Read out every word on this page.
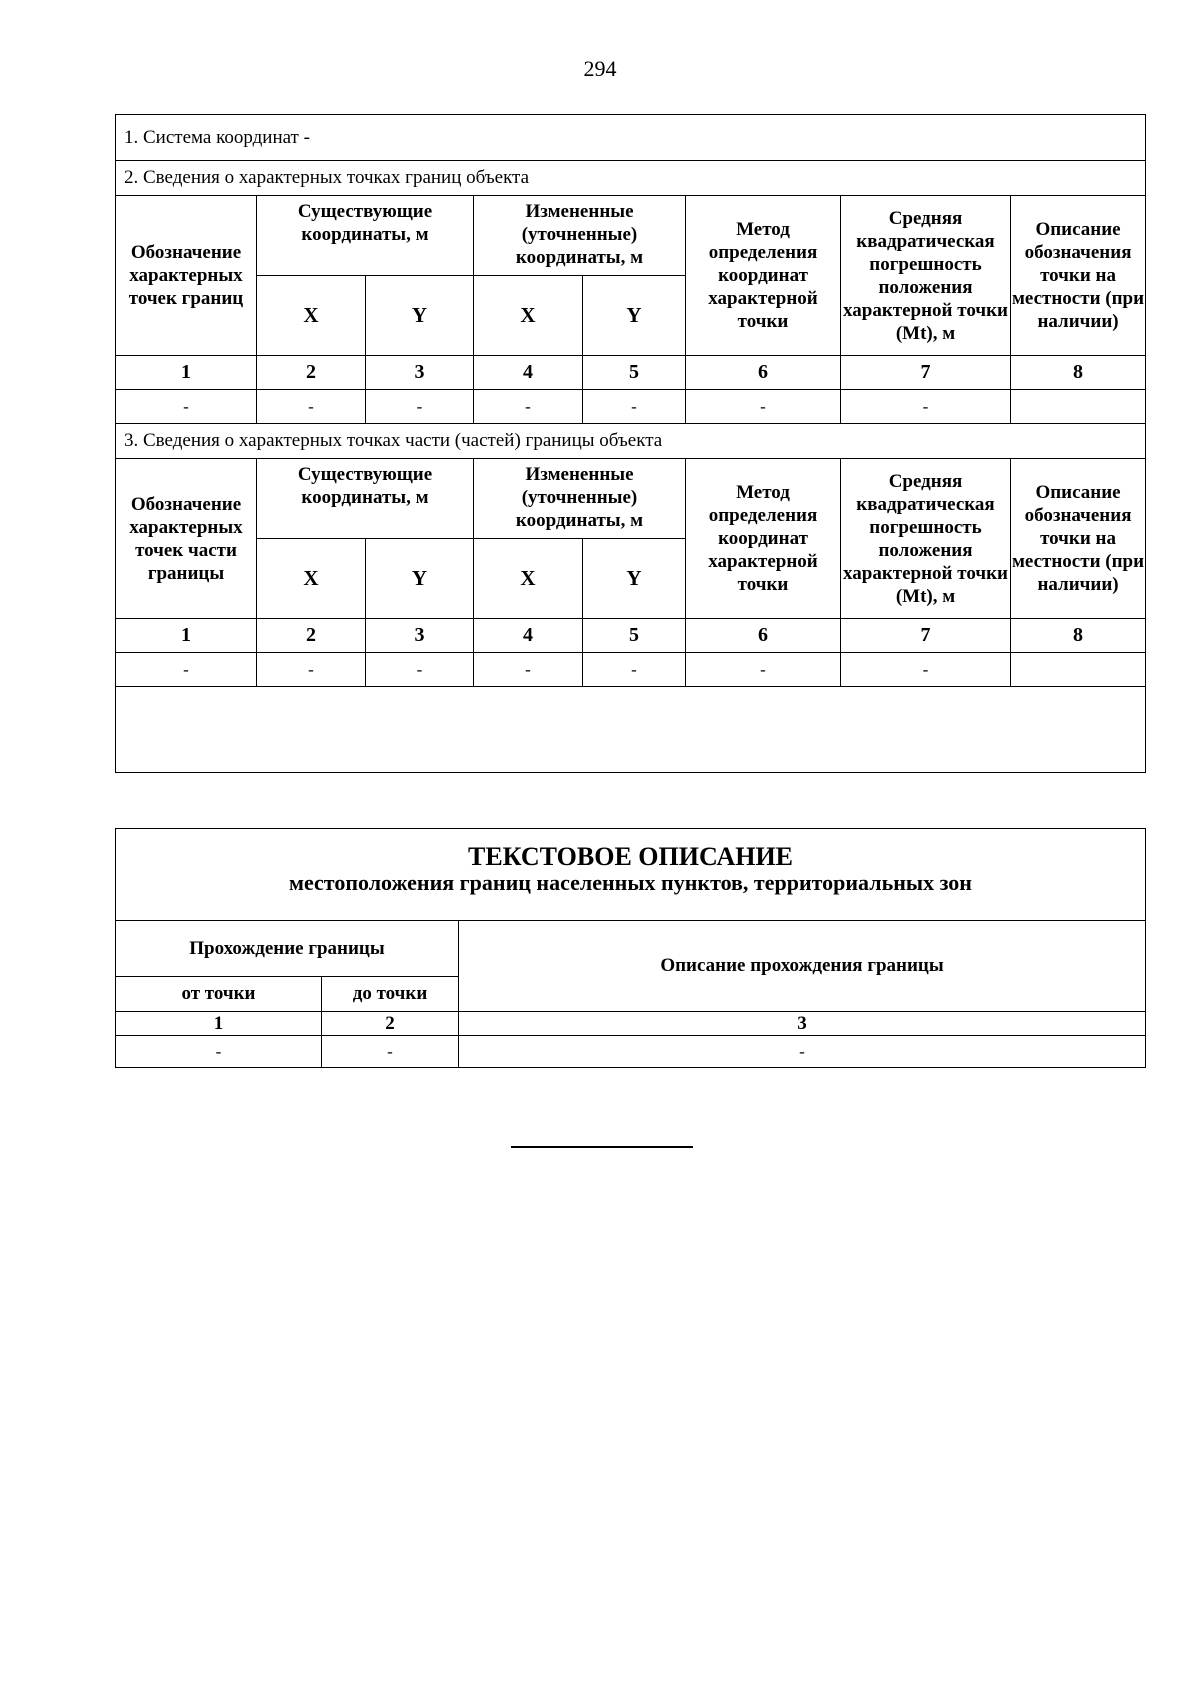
294
1. Система координат -							
2. Сведения о характерных точках границ объекта							
Обозначение характерных точек границ	Существующие координаты, м		Измененные (уточненные) координаты, м		Метод определения координат характерной точки	Средняя квадратическая погрешность положения характерной точки (Mt), м	Описание обозначения точки на местности (при наличии)
	X	Y	X	Y			
1	2	3	4	5	6	7	8
-	-	-	-	-	-	-	
3. Сведения о характерных точках части (частей) границы объекта							
Обозначение характерных точек части границы	Существующие координаты, м		Измененные (уточненные) координаты, м		Метод определения координат характерной точки	Средняя квадратическая погрешность положения характерной точки (Mt), м	Описание обозначения точки на местности (при наличии)
	X	Y	X	Y			
1	2	3	4	5	6	7	8
-	-	-	-	-	-	-	

ТЕКСТОВОЕ ОПИСАНИЕ
местоположения границ населенных пунктов, территориальных зон		

Прохождение границы		Описание прохождения границы
от точки	до точки	
1	2	3
-	-	-
